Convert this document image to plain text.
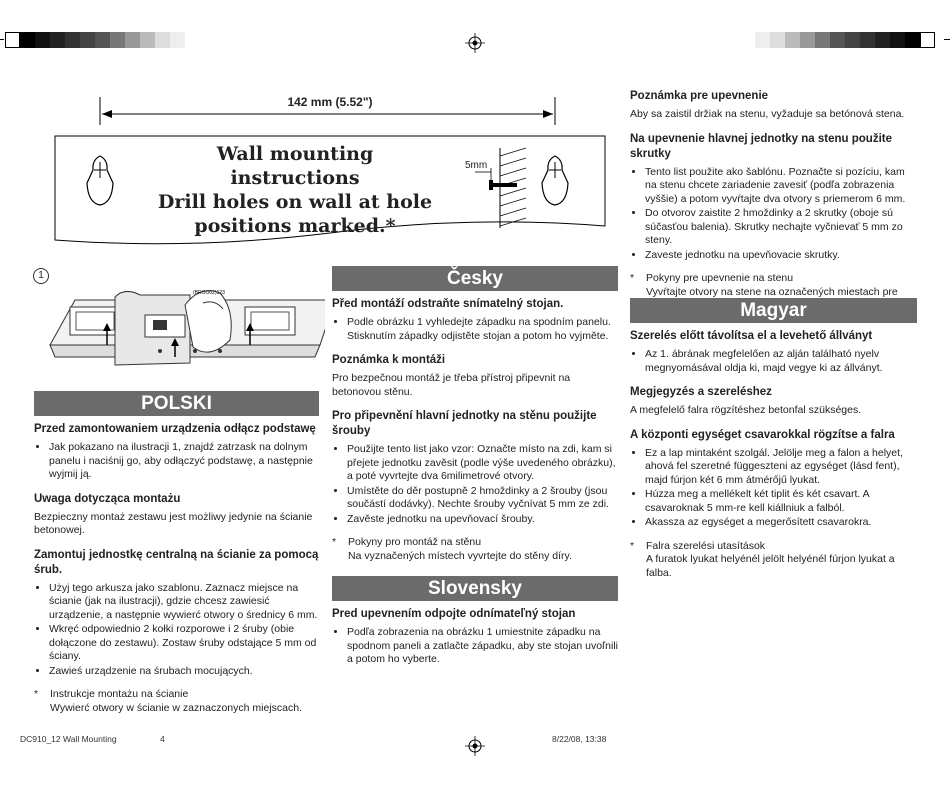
142 mm (5.52")
Wall mounting instructions
Drill holes on wall at hole
positions marked.*
5mm
1
(BROO02)123
POLSKI
Przed zamontowaniem urządzenia odłącz podstawę
• Jak pokazano na ilustracji 1, znajdź zatrzask na dolnym panelu i naciśnij go, aby odłączyć podstawę, a następnie wyjmij ją.
Uwaga dotycząca montażu

Bezpieczny montaż zestawu jest możliwy jedynie na ścianie betonowej.

Zamontuj jednostkę centralną na ścianie za pomocą śrub.
• Użyj tego arkusza jako szablonu. Zaznacz miejsce na ścianie (jak na ilustracji), gdzie chcesz zawiesić urządzenie, a następnie wywierć otwory o średnicy 6 mm.
• Wkręć odpowiednio 2 kołki rozporowe i 2 śruby (obie dołączone do zestawu). Zostaw śruby odstające 5 mm od ściany.
• Zawieś urządzenie na śrubach mocujących.
* Instrukcje montażu na ścianie
Wywierć otwory w ścianie w zaznaczonych miejscach.
Česky
Před montáží odstraňte snímatelný stojan.
• Podle obrázku 1 vyhledejte západku na spodním panelu. Stisknutím západky odjistěte stojan a potom ho vyjměte.
Poznámka k montáži

Pro bezpečnou montáž je třeba přístroj připevnit na betonovou stěnu.

Pro připevnění hlavní jednotky na stěnu použijte šrouby
• Použijte tento list jako vzor: Označte místo na zdi, kam si přejete jednotku zavěsit (podle výše uvedeného obrázku), a poté vyvrtejte dva 6milimetrové otvory.
• Umístěte do děr postupně 2 hmoždinky a 2 šrouby (jsou součástí dodávky). Nechte šrouby vyčnívat 5 mm ze zdi.
• Zavěste jednotku na upevňovací šrouby.
* Pokyny pro montáž na stěnu
Na vyznačených místech vyvrtejte do stěny díry.
Slovensky
Pred upevnením odpojte odnímateľný stojan
• Podľa zobrazenia na obrázku 1 umiestnite západku na spodnom paneli a zatlačte západku, aby ste stojan uvoľnili a potom ho vyberte.
Poznámka pre upevnenie

Aby sa zaistil držiak na stenu, vyžaduje sa betónová stena.

Na upevnenie hlavnej jednotky na stenu použite skrutky
• Tento list použite ako šablónu. Poznačte si pozíciu, kam na stenu chcete zariadenie zavesiť (podľa zobrazenia vyššie) a potom vyvŕtajte dva otvory s priemerom 6 mm.
• Do otvorov zaistite 2 hmoždinky a 2 skrutky (oboje sú súčasťou balenia). Skrutky nechajte vyčnievať 5 mm zo steny.
• Zaveste jednotku na upevňovacie skrutky.
* Pokyny pre upevnenie na stenu
Vyvŕtajte otvory na stene na označených miestach pre
Magyar
Szerelés előtt távolítsa el a levehető állványt
• Az 1. ábrának megfelelően az alján található nyelv megnyomásával oldja ki, majd vegye ki az állványt.
Megjegyzés a szereléshez

A megfelelő falra rögzítéshez betonfal szükséges.

A központi egységet csavarokkal rögzítse a falra
• Ez a lap mintaként szolgál. Jelölje meg a falon a helyet, ahová fel szeretné függeszteni az egységet (lásd fent), majd fúrjon két 6 mm átmérőjű lyukat.
• Húzza meg a mellékelt két tiplit és két csavart. A csavaroknak 5 mm-re kell kiállniuk a falból.
• Akassza az egységet a megerősített csavarokra.
* Falra szerelési utasítások
A furatok lyukat helyénél jelölt helyénél fúrjon lyukat a falba.
DC910_12 Wall Mounting	4	8/22/08, 13:38
